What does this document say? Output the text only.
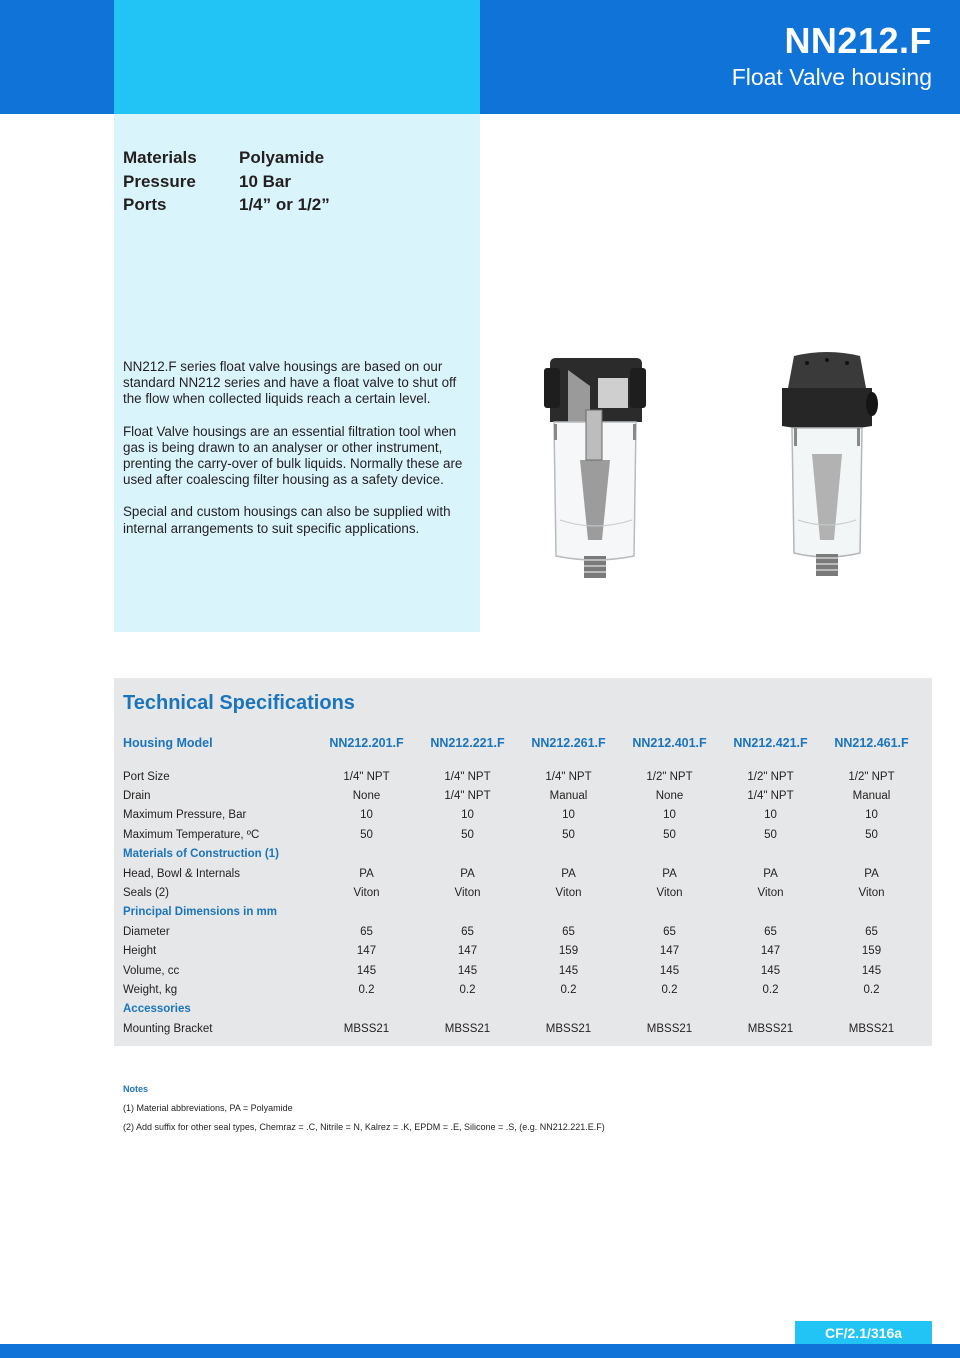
NN212.F
Float Valve housing
Materials	Polyamide
Pressure	10 Bar
Ports	1/4” or 1/2”

NN212.F series float valve housings are based on our standard NN212 series and have a float valve to shut off the flow when collected liquids reach a certain level.

Float Valve housings are an essential filtration tool when gas is being drawn to an analyser or other instrument, prenting the carry-over of bulk liquids. Normally these are used after coalescing filter housing as a safety device.

Special and custom housings can also be supplied with internal arrangements to suit specific applications.

Technical Specifications
Housing Model	NN212.201.F	NN212.221.F	NN212.261.F	NN212.401.F	NN212.421.F	NN212.461.F

Port Size	1/4" NPT	1/4" NPT	1/4" NPT	1/2" NPT	1/2" NPT	1/2" NPT
Drain	None	1/4" NPT	Manual	None	1/4" NPT	Manual
Maximum Pressure, Bar	10	10	10	10	10	10
Maximum Temperature, ºC	50	50	50	50	50	50
Materials of Construction (1)						
Head, Bowl & Internals	PA	PA	PA	PA	PA	PA
Seals (2)	Viton	Viton	Viton	Viton	Viton	Viton
Principal Dimensions in mm						
Diameter	65	65	65	65	65	65
Height	147	147	159	147	147	159
Volume, cc	145	145	145	145	145	145
Weight, kg	0.2	0.2	0.2	0.2	0.2	0.2
Accessories						
Mounting Bracket	MBSS21	MBSS21	MBSS21	MBSS21	MBSS21	MBSS21
Notes
(1) Material abbreviations, PA = Polyamide
(2) Add suffix for other seal types, Chemraz = .C, Nitrile = N, Kalrez = .K, EPDM = .E, Silicone = .S, (e.g. NN212.221.E.F)
CF/2.1/316a
